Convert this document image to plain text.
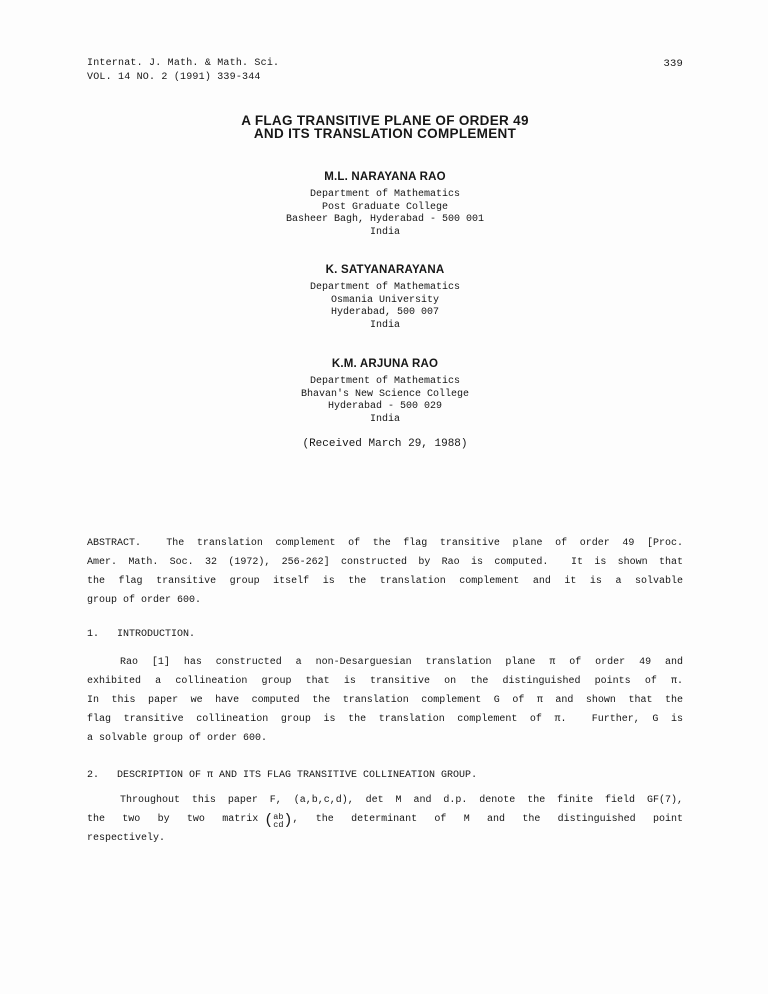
Internat. J. Math. & Math. Sci.
VOL. 14 NO. 2 (1991) 339-344
339
A FLAG TRANSITIVE PLANE OF ORDER 49
AND ITS TRANSLATION COMPLEMENT
M.L. NARAYANA RAO
Department of Mathematics
Post Graduate College
Basheer Bagh, Hyderabad - 500 001
India
K. SATYANARAYANA
Department of Mathematics
Osmania University
Hyderabad, 500 007
India
K.M. ARJUNA RAO
Department of Mathematics
Bhavan's New Science College
Hyderabad - 500 029
India
(Received March 29, 1988)
ABSTRACT.  The translation complement of the flag transitive plane of order 49 [Proc.
Amer. Math. Soc. 32 (1972), 256-262] constructed by Rao is computed.  It is shown that
the flag transitive group itself is the translation complement and it is a solvable
group of order 600.
1.   INTRODUCTION.
Rao [1] has constructed a non-Desarguesian translation plane π of order 49 and
exhibited a collineation group that is transitive on the distinguished points of π.
In this paper we have computed the translation complement G of π and shown that the
flag transitive collineation group is the translation complement of π.  Further, G is
a solvable group of order 600.
2.   DESCRIPTION OF π AND ITS FLAG TRANSITIVE COLLINEATION GROUP.
Throughout this paper F, (a,b,c,d), det M and d.p. denote the finite field GF(7),
the two by two matrix ( ab
cd ) , the determinant of M and the distinguished point
respectively.
